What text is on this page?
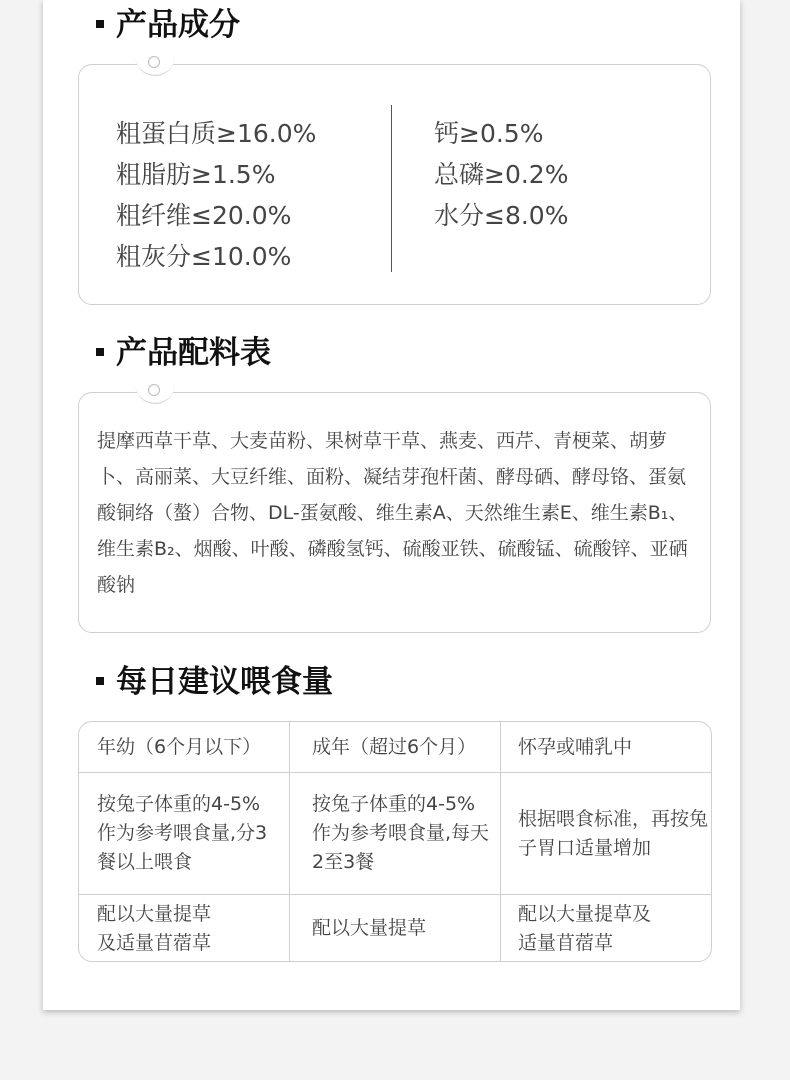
产品成分
粗蛋白质≥16.0%
粗脂肪≥1.5%
粗纤维≤20.0%
粗灰分≤10.0%
钙≥0.5%
总磷≥0.2%
水分≤8.0%
产品配料表

提摩西草干草、大麦苗粉、果树草干草、燕麦、西芹、青梗菜、胡萝卜、高丽菜、大豆纤维、面粉、凝结芽孢杆菌、酵母硒、酵母铬、蛋氨酸铜络（螯）合物、DL-蛋氨酸、维生素A、天然维生素E、维生素B₁、维生素B₂、烟酸、叶酸、磷酸氢钙、硫酸亚铁、硫酸锰、硫酸锌、亚硒酸钠

每日建议喂食量
年幼（6个月以下）	成年（超过6个月）	怀孕或哺乳中
按兔子体重的4-5%作为参考喂食量,分3餐以上喂食
按兔子体重的4-5%作为参考喂食量,每天2至3餐
根据喂食标准，再按兔子胃口适量增加
配以大量提草及适量苜蓿草
配以大量提草
配以大量提草及适量苜蓿草
